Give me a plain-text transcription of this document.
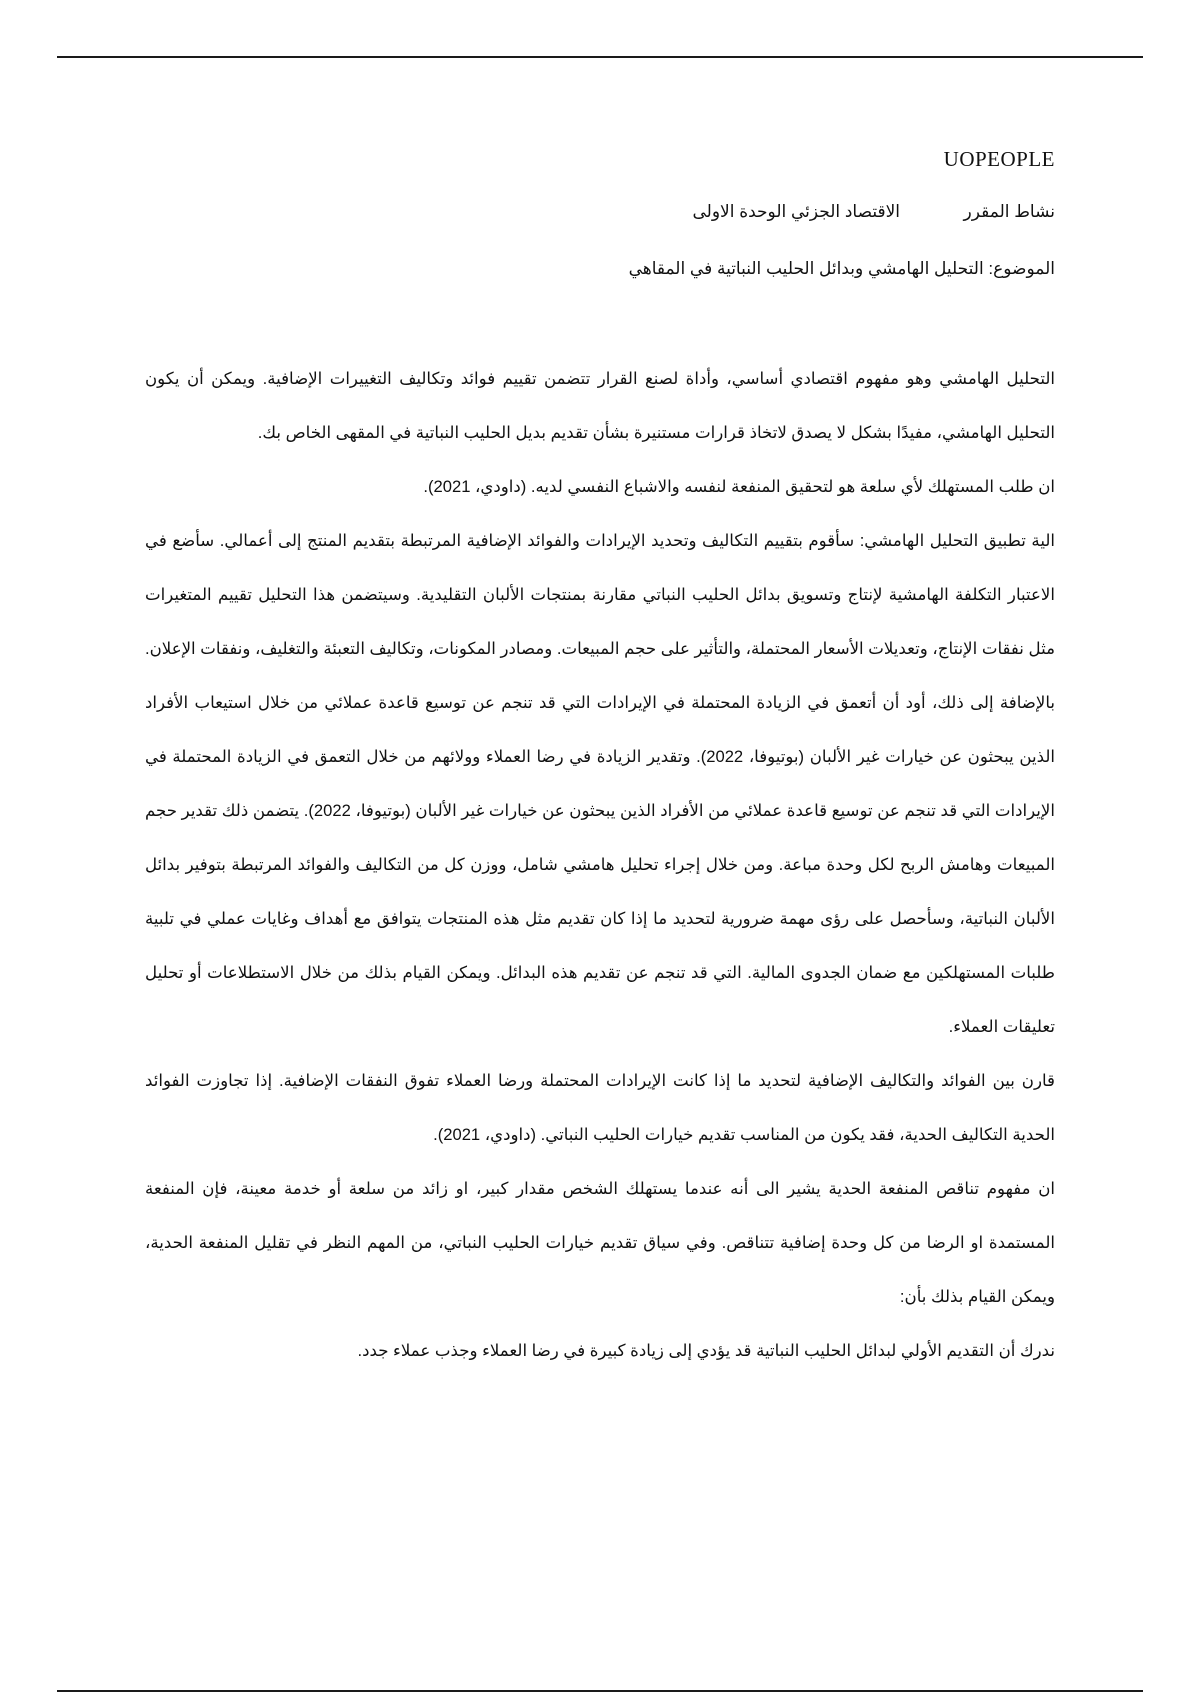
UOPEOPLE
نشاط المقررالاقتصاد الجزئي الوحدة الاولى
الموضوع: التحليل الهامشي وبدائل الحليب النباتية في المقاهي

التحليل الهامشي وهو مفهوم اقتصادي أساسي، وأداة لصنع القرار تتضمن تقييم فوائد وتكاليف التغييرات الإضافية. ويمكن أن يكون التحليل الهامشي، مفيدًا بشكل لا يصدق لاتخاذ قرارات مستنيرة بشأن تقديم بديل الحليب النباتية في المقهى الخاص بك.

ان طلب المستهلك لأي سلعة هو لتحقيق المنفعة لنفسه والاشباع النفسي لديه. (داودي، 2021).

الية تطبيق التحليل الهامشي: سأقوم بتقييم التكاليف وتحديد الإيرادات والفوائد الإضافية المرتبطة بتقديم المنتج إلى أعمالي. سأضع في الاعتبار التكلفة الهامشية لإنتاج وتسويق بدائل الحليب النباتي مقارنة بمنتجات الألبان التقليدية. وسيتضمن هذا التحليل تقييم المتغيرات مثل نفقات الإنتاج، وتعديلات الأسعار المحتملة، والتأثير على حجم المبيعات. ومصادر المكونات، وتكاليف التعبئة والتغليف، ونفقات الإعلان. بالإضافة إلى ذلك، أود أن أتعمق في الزيادة المحتملة في الإيرادات التي قد تنجم عن توسيع قاعدة عملائي من خلال استيعاب الأفراد الذين يبحثون عن خيارات غير الألبان (بوتيوفا، 2022). وتقدير الزيادة في رضا العملاء وولائهم من خلال التعمق في الزيادة المحتملة في الإيرادات التي قد تنجم عن توسيع قاعدة عملائي من الأفراد الذين يبحثون عن خيارات غير الألبان (بوتيوفا، 2022). يتضمن ذلك تقدير حجم المبيعات وهامش الربح لكل وحدة مباعة. ومن خلال إجراء تحليل هامشي شامل، ووزن كل من التكاليف والفوائد المرتبطة بتوفير بدائل الألبان النباتية، وسأحصل على رؤى مهمة ضرورية لتحديد ما إذا كان تقديم مثل هذه المنتجات يتوافق مع أهداف وغايات عملي في تلبية طلبات المستهلكين مع ضمان الجدوى المالية. التي قد تنجم عن تقديم هذه البدائل. ويمكن القيام بذلك من خلال الاستطلاعات أو تحليل تعليقات العملاء.

قارن بين الفوائد والتكاليف الإضافية لتحديد ما إذا كانت الإيرادات المحتملة ورضا العملاء تفوق النفقات الإضافية. إذا تجاوزت الفوائد الحدية التكاليف الحدية، فقد يكون من المناسب تقديم خيارات الحليب النباتي. (داودي، 2021).

ان مفهوم تناقص المنفعة الحدية يشير الى أنه عندما يستهلك الشخص مقدار كبير، او زائد من سلعة أو خدمة معينة، فإن المنفعة المستمدة او الرضا من كل وحدة إضافية تتناقص. وفي سياق تقديم خيارات الحليب النباتي، من المهم النظر في تقليل المنفعة الحدية، ويمكن القيام بذلك بأن:

ندرك أن التقديم الأولي لبدائل الحليب النباتية قد يؤدي إلى زيادة كبيرة في رضا العملاء وجذب عملاء جدد.
